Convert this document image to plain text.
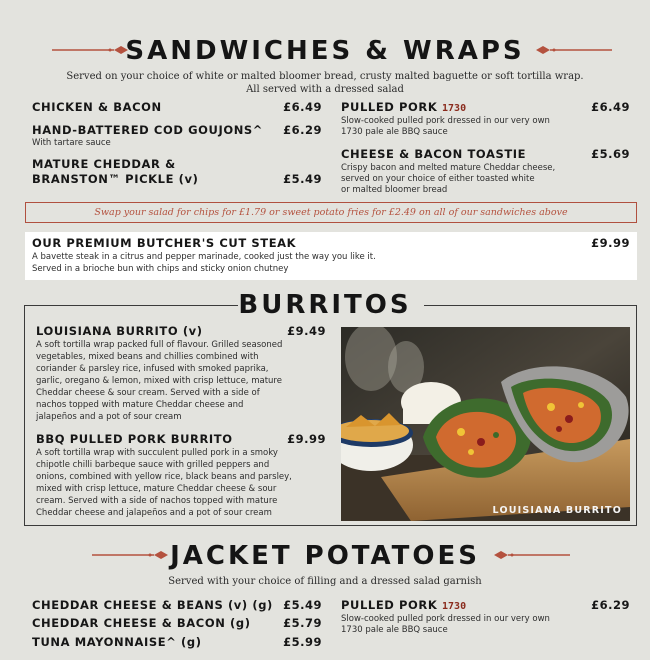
SANDWICHES & WRAPS
Served on your choice of white or malted bloomer bread, crusty malted baguette or soft tortilla wrap.
All served with a dressed salad
CHICKEN & BACON	£6.49
HAND-BATTERED COD GOUJONS^	£6.29
With tartare sauce
MATURE CHEDDAR &
BRANSTON™ PICKLE (v)	£5.49
PULLED PORK 1730	£6.49
Slow-cooked pulled pork dressed in our very own
1730 pale ale BBQ sauce
CHEESE & BACON TOASTIE	£5.69
Crispy bacon and melted mature Cheddar cheese,
served on your choice of either toasted white
or malted bloomer bread
Swap your salad for chips for £1.79 or sweet potato fries for £2.49 on all of our sandwiches above
OUR PREMIUM BUTCHER'S CUT STEAK	£9.99
A bavette steak in a citrus and pepper marinade, cooked just the way you like it.
Served in a brioche bun with chips and sticky onion chutney
BURRITOS
LOUISIANA BURRITO (v)	£9.49
A soft tortilla wrap packed full of flavour. Grilled seasoned
vegetables, mixed beans and chillies combined with
coriander & parsley rice, infused with smoked paprika,
garlic, oregano & lemon, mixed with crisp lettuce, mature
Cheddar cheese & sour cream. Served with a side of
nachos topped with mature Cheddar cheese and
jalapeños and a pot of sour cream
BBQ PULLED PORK BURRITO	£9.99
A soft tortilla wrap with succulent pulled pork in a smoky
chipotle chilli barbeque sauce with grilled peppers and
onions, combined with yellow rice, black beans and parsley,
mixed with crisp lettuce, mature Cheddar cheese & sour
cream. Served with a side of nachos topped with mature
Cheddar cheese and jalapeños and a pot of sour cream	LOUISIANA BURRITO
JACKET POTATOES
Served with your choice of filling and a dressed salad garnish
CHEDDAR CHEESE & BEANS (v) (g) £5.49
CHEDDAR CHEESE & BACON (g)	£5.79
TUNA MAYONNAISE^ (g)	£5.99
PULLED PORK 1730	£6.29
Slow-cooked pulled pork dressed in our very own
1730 pale ale BBQ sauce
